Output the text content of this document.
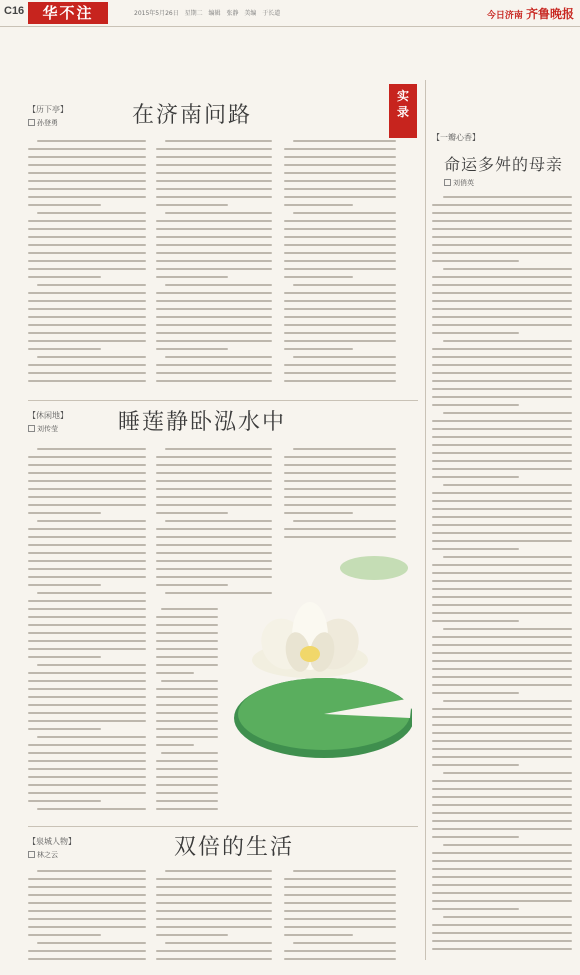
C16	华不注	2015年5月26日 星期二 编辑 张静 美编 于长道	今日济南 齐鲁晚报
【历下亭】
孙登勇	在济南问路
实
录
【一瓣心香】
命运多舛的母亲
刘俏英
【休闲地】
刘传莹	睡莲静卧泓水中
【泉城人物】
林之云	双倍的生活
